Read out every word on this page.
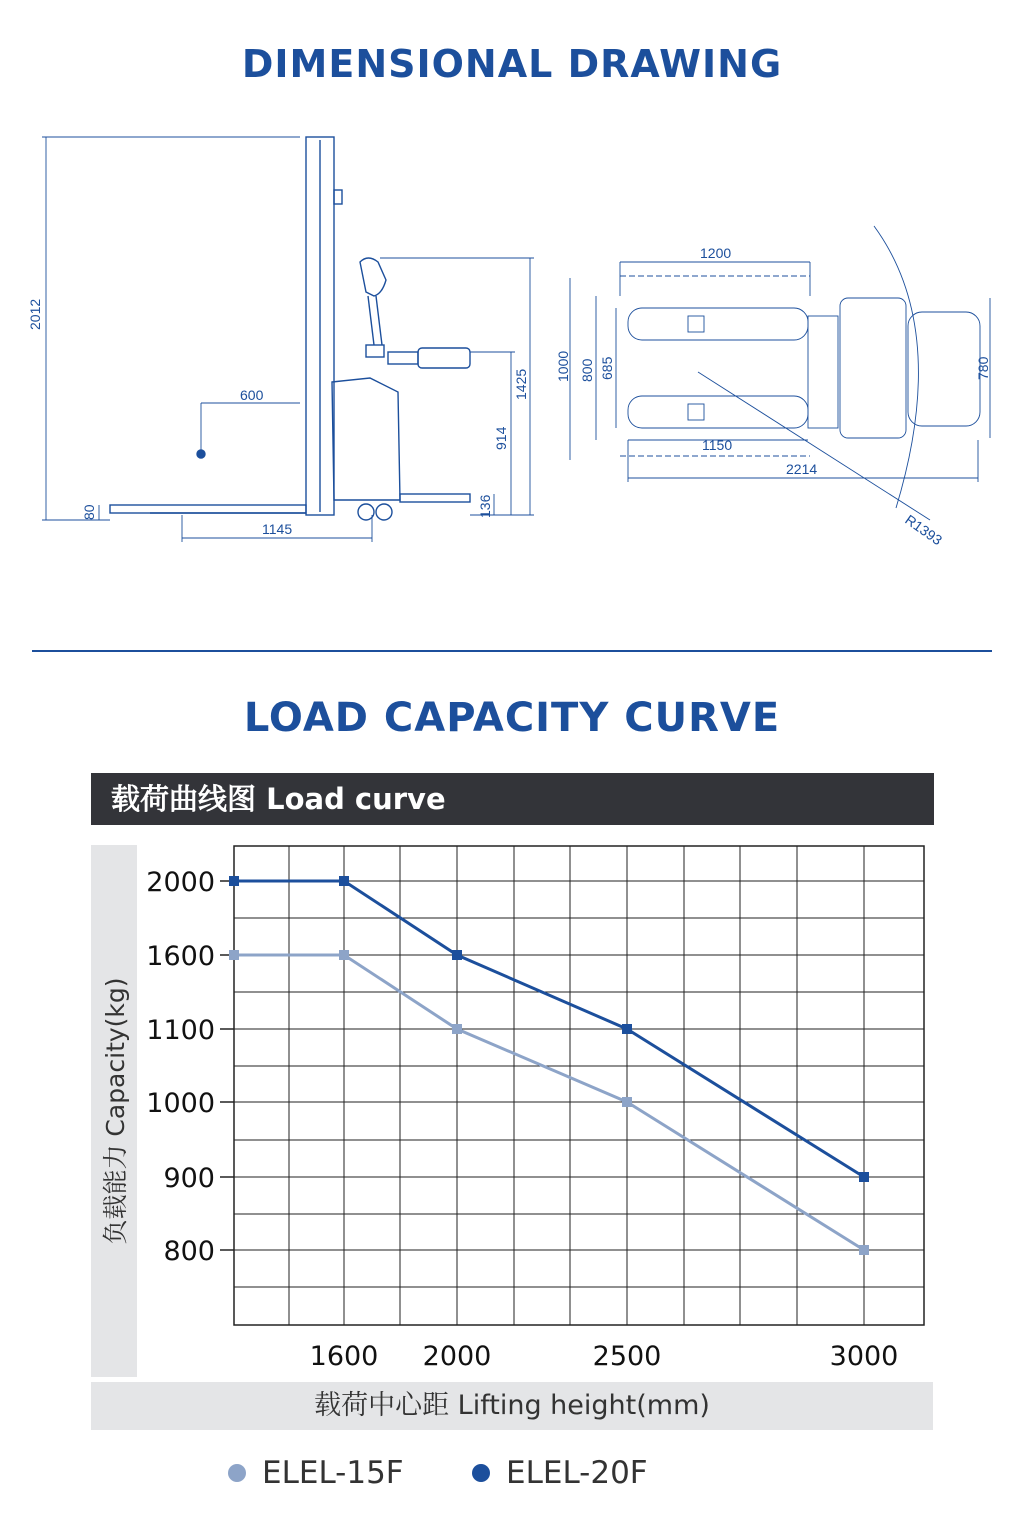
DIMENSIONAL DRAWING
2012
600
80
1145
914
1425
136
1200
1000 800 685
1150
2214
780
R1393
LOAD CAPACITY CURVE
载荷曲线图 Load curve
负载能力 Capacity(kg)
2000
1600
1100
1000
900
800
1600 2000	2500	3000
载荷中心距 Lifting height(mm)
ELEL-15F	ELEL-20F
